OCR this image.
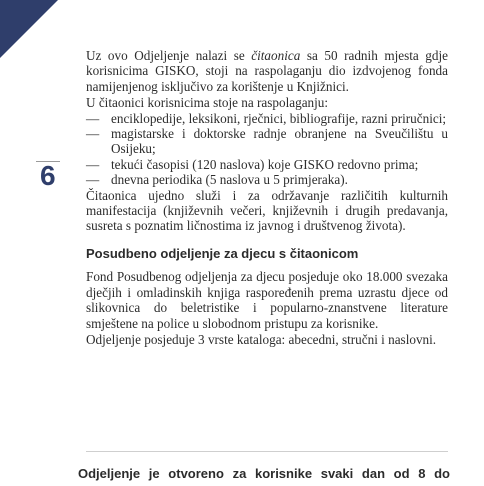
6

Uz ovo Odjeljenje nalazi se čitaonica sa 50 radnih mjesta gdje korisnicima GISKO, stoji na raspolaganju dio izdvojenog fonda namijenjenog isključivo za korištenje u Knjižnici.

U čitaonici korisnicima stoje na raspolaganju:

— enciklopedije, leksikoni, rječnici, bibliografije, razni priručnici;
— magistarske i doktorske radnje obranjene na Sveučilištu u Osijeku;
— tekući časopisi (120 naslova) koje GISKO redovno prima;
— dnevna periodika (5 naslova u 5 primjeraka).

Čitaonica ujedno služi i za održavanje različitih kulturnih manifestacija (književnih večeri, književnih i drugih predavanja, susreta s poznatim ličnostima iz javnog i društvenog života).

Posudbeno odjeljenje za djecu s čitaonicom

Fond Posudbenog odjeljenja za djecu posjeduje oko 18.000 svezaka dječjih i omladinskih knjiga raspoređenih prema uzrastu djece od slikovnica do beletristike i popularno-znanstvene literature smještene na police u slobodnom pristupu za korisnike.

Odjeljenje posjeduje 3 vrste kataloga: abecedni, stručni i naslovni.

Odjeljenje je otvoreno za korisnike svaki dan od 8 do
